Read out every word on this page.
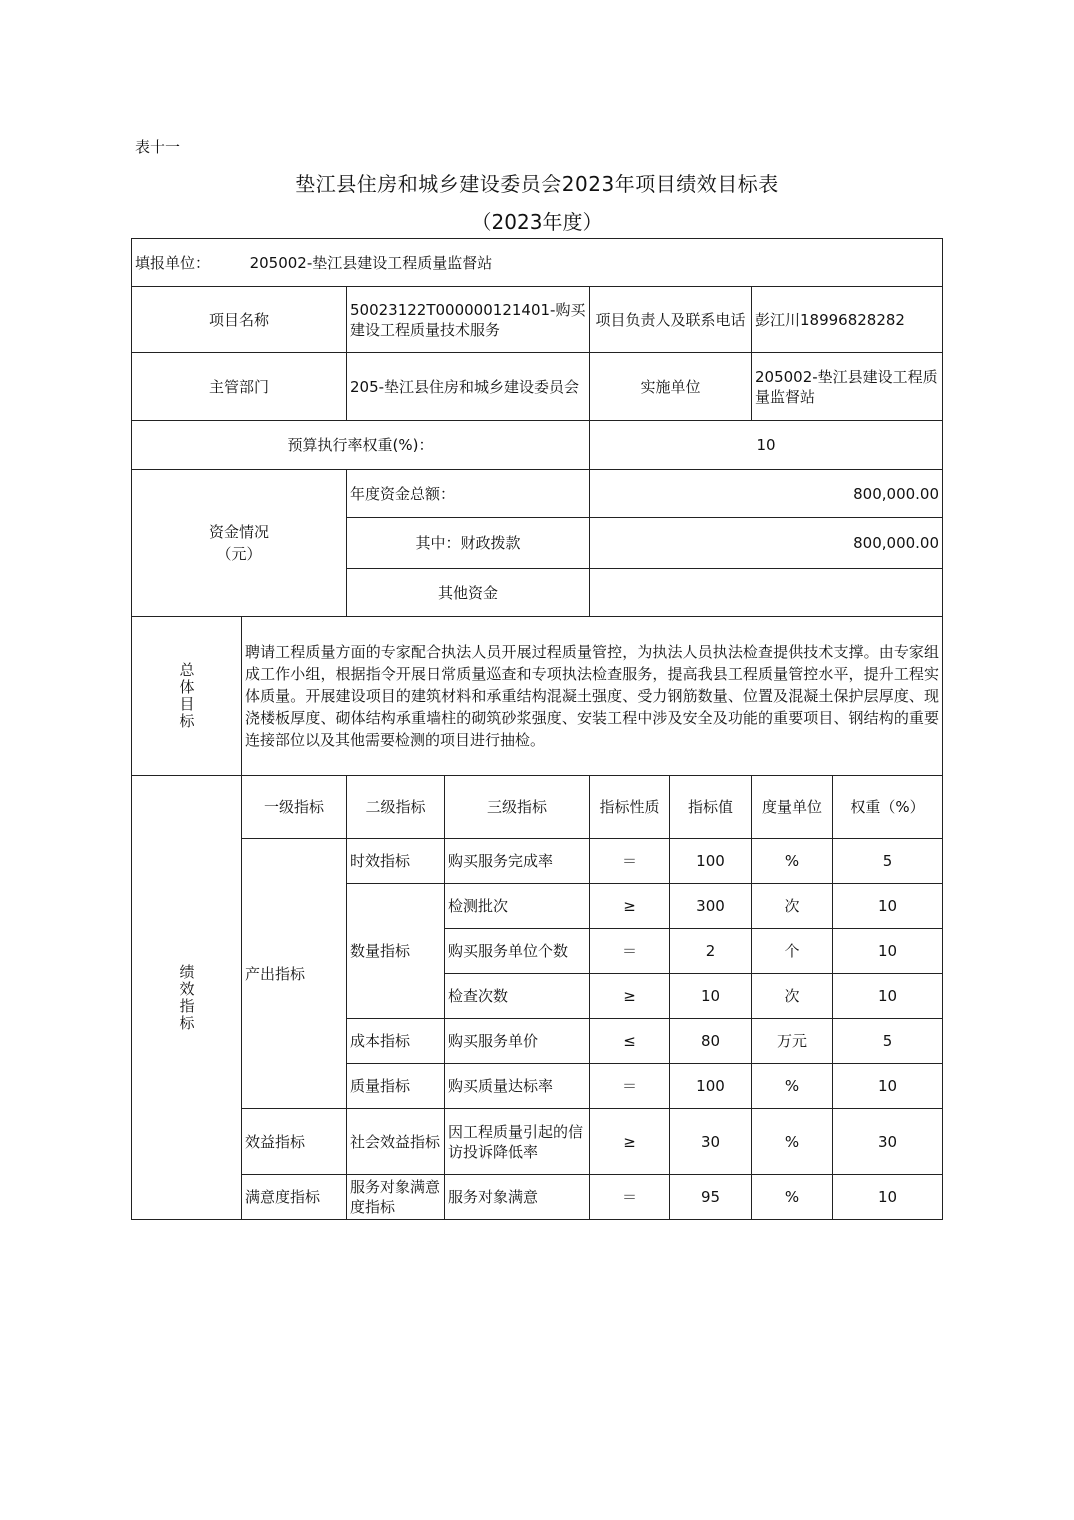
表十一
垫江县住房和城乡建设委员会2023年项目绩效目标表
（2023年度）
填报单位： 205002-垫江县建设工程质量监督站							
项目名称		50023122T000000121401-购买建设工程质量技术服务		项目负责人及联系电话		彭江川18996828282	
主管部门		205-垫江县住房和城乡建设委员会		实施单位		205002-垫江县建设工程质量监督站	
预算执行率权重(%)：				10			

资金情况（元）		年度资金总额：		800,000.00			
		其中：财政拨款		800,000.00			
		其他资金					

总体目标	聘请工程质量方面的专家配合执法人员开展过程质量管控，为执法人员执法检查提供技术支撑。由专家组成工作小组，根据指令开展日常质量巡查和专项执法检查服务，提高我县工程质量管控水平，提升工程实体质量。开展建设项目的建筑材料和承重结构混凝土强度、受力钢筋数量、位置及混凝土保护层厚度、现浇楼板厚度、砌体结构承重墙柱的砌筑砂浆强度、安装工程中涉及安全及功能的重要项目、钢结构的重要连接部位以及其他需要检测的项目进行抽检。						

绩效指标	一级指标	二级指标	三级指标	指标性质	指标值	度量单位	权重（%）
	产出指标	时效指标	购买服务完成率	＝	100	%	5
		数量指标	检测批次	≥	300	次	10
			购买服务单位个数	＝	2	个	10
			检查次数	≥	10	次	10
		成本指标	购买服务单价	≤	80	万元	5
		质量指标	购买质量达标率	＝	100	%	10
	效益指标	社会效益指标	因工程质量引起的信访投诉降低率	≥	30	%	30
	满意度指标	服务对象满意度指标	服务对象满意	＝	95	%	10
